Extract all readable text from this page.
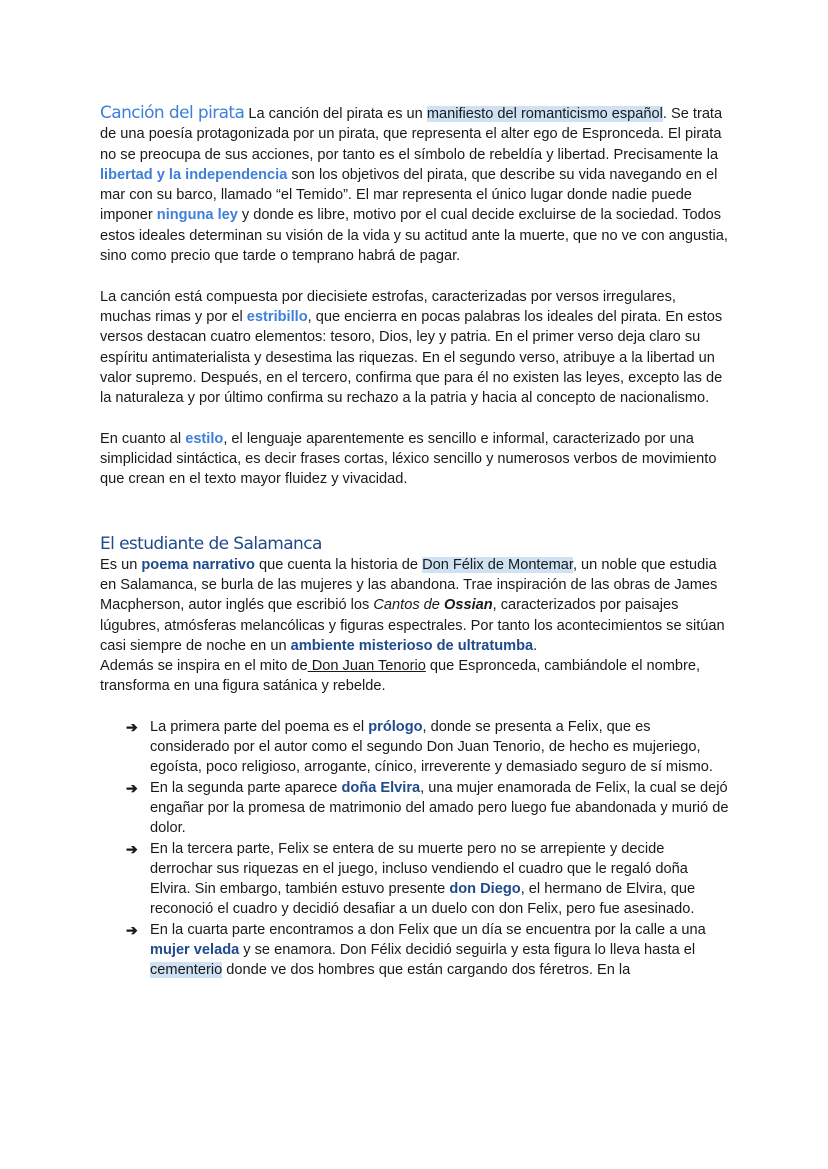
Canción del pirata La canción del pirata es un manifiesto del romanticismo español. Se trata de una poesía protagonizada por un pirata, que representa el alter ego de Espronceda. El pirata no se preocupa de sus acciones, por tanto es el símbolo de rebeldía y libertad. Precisamente la libertad y la independencia son los objetivos del pirata, que describe su vida navegando en el mar con su barco, llamado “el Temido”. El mar representa el único lugar donde nadie puede imponer ninguna ley y donde es libre, motivo por el cual decide excluirse de la sociedad. Todos estos ideales determinan su visión de la vida y su actitud ante la muerte, que no ve con angustia, sino como precio que tarde o temprano habrá de pagar.

La canción está compuesta por diecisiete estrofas, caracterizadas por versos irregulares, muchas rimas y por el estribillo, que encierra en pocas palabras los ideales del pirata. En estos versos destacan cuatro elementos: tesoro, Dios, ley y patria. En el primer verso deja claro su espíritu antimaterialista y desestima las riquezas. En el segundo verso, atribuye a la libertad un valor supremo. Después, en el tercero, confirma que para él no existen las leyes, excepto las de la naturaleza y por último confirma su rechazo a la patria y hacia al concepto de nacionalismo.

En cuanto al estilo, el lenguaje aparentemente es sencillo e informal, caracterizado por una simplicidad sintáctica, es decir frases cortas, léxico sencillo y numerosos verbos de movimiento que crean en el texto mayor fluidez y vivacidad.

El estudiante de Salamanca

Es un poema narrativo que cuenta la historia de Don Félix de Montemar, un noble que estudia en Salamanca, se burla de las mujeres y las abandona. Trae inspiración de las obras de James Macpherson, autor inglés que escribió los Cantos de Ossian, caracterizados por paisajes lúgubres, atmósferas melancólicas y figuras espectrales. Por tanto los acontecimientos se sitúan casi siempre de noche en un ambiente misterioso de ultratumba.

Además se inspira en el mito de Don Juan Tenorio que Espronceda, cambiándole el nombre, transforma en una figura satánica y rebelde.

➔ La primera parte del poema es el prólogo, donde se presenta a Felix, que es considerado por el autor como el segundo Don Juan Tenorio, de hecho es mujeriego, egoísta, poco religioso, arrogante, cínico, irreverente y demasiado seguro de sí mismo.
➔ En la segunda parte aparece doña Elvira, una mujer enamorada de Felix, la cual se dejó engañar por la promesa de matrimonio del amado pero luego fue abandonada y murió de dolor.
➔ En la tercera parte, Felix se entera de su muerte pero no se arrepiente y decide derrochar sus riquezas en el juego, incluso vendiendo el cuadro que le regaló doña Elvira. Sin embargo, también estuvo presente don Diego, el hermano de Elvira, que reconoció el cuadro y decidió desafiar a un duelo con don Felix, pero fue asesinado.
➔ En la cuarta parte encontramos a don Felix que un día se encuentra por la calle a una mujer velada y se enamora. Don Félix decidió seguirla y esta figura lo lleva hasta el cementerio donde ve dos hombres que están cargando dos féretros. En la
